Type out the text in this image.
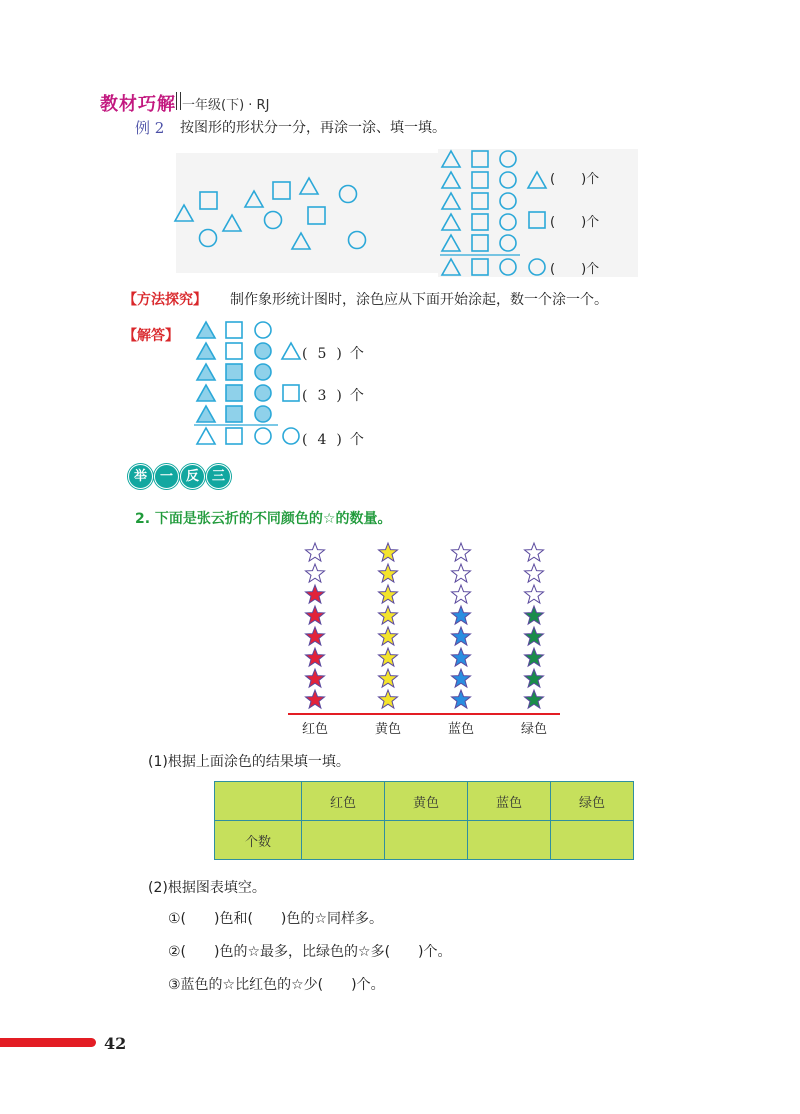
教材巧解 一年级(下) · RJ
例 2 按图形的形状分一分，再涂一涂、填一填。
(　　)个
(　　)个
(　　)个
【方法探究】 制作象形统计图时，涂色应从下面开始涂起，数一个涂一个。
【解答】
( 5 ) 个
( 3 ) 个
( 4 ) 个
举 一 反 三
2. 下面是张云折的不同颜色的☆的数量。
红色	黄色	蓝色	绿色
(1)根据上面涂色的结果填一填。
	红色	黄色	蓝色	绿色
个数				
(2)根据图表填空。
①(　　)色和(　　)色的☆同样多。
②(　　)色的☆最多，比绿色的☆多(　　)个。
③蓝色的☆比红色的☆少(　　)个。
42
